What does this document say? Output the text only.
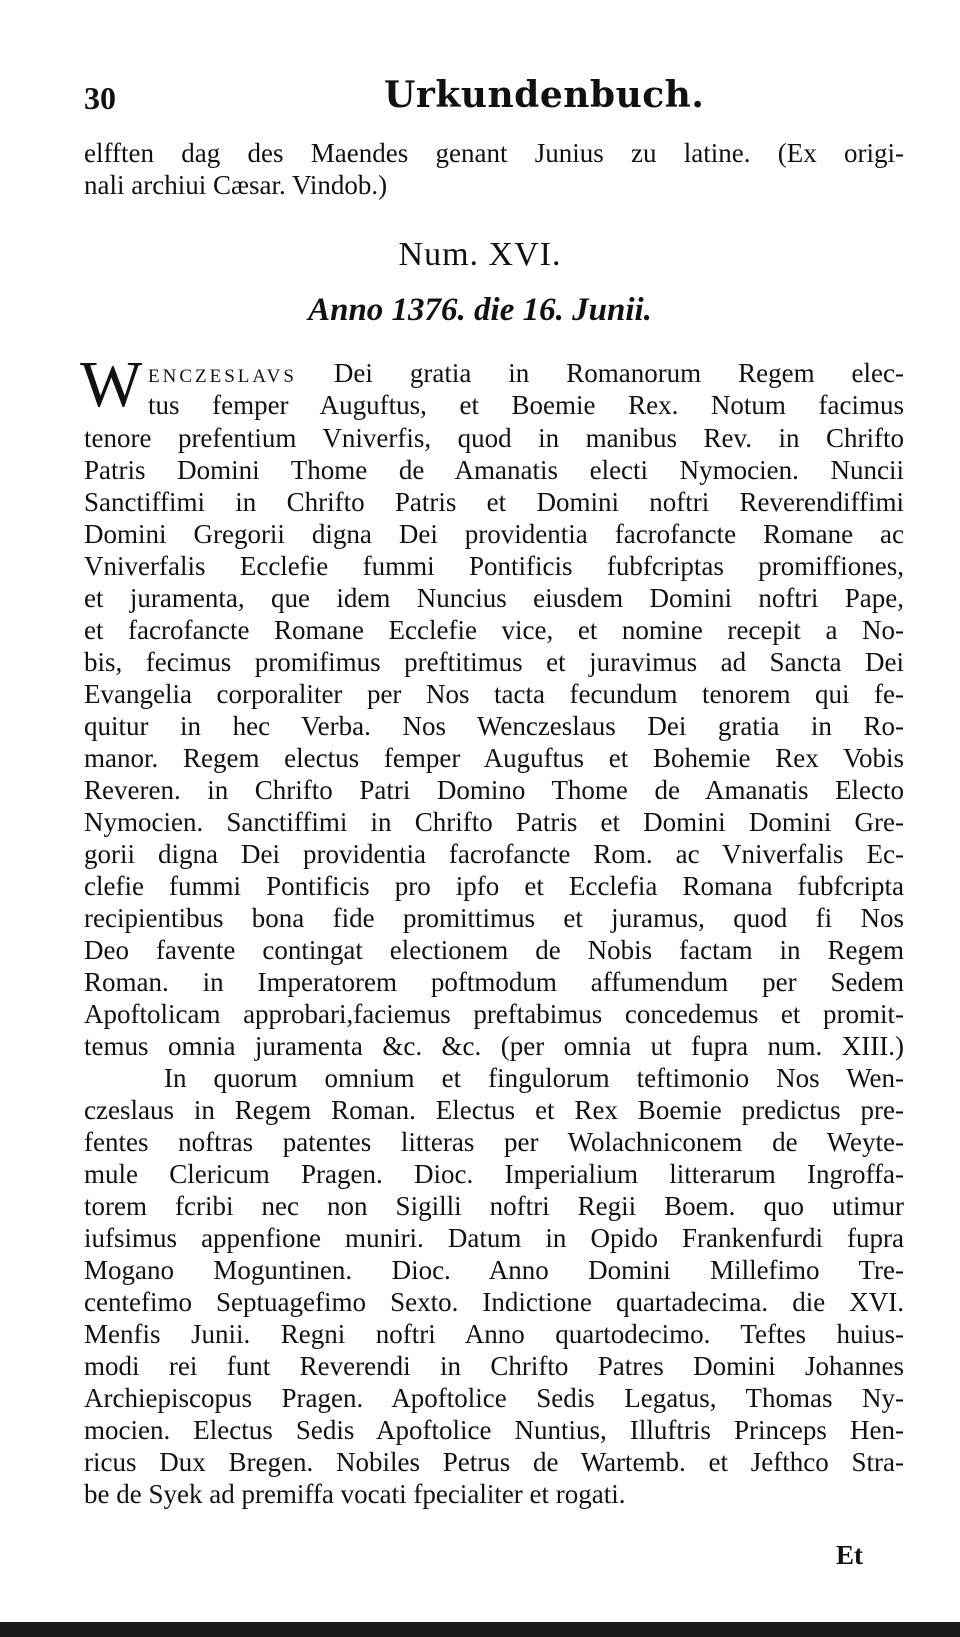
30	Urkundenbuch.
elfften dag des Maendes genant Junius zu latine. (Ex origi-
nali archiui Cæsar. Vindob.)
Num. XVI.
Anno 1376. die 16. Junii.
W ENCZESLAVS Dei gratia in Romanorum Regem elec-
tus femper Auguftus, et Boemie Rex. Notum facimus
tenore prefentium Vniverfis, quod in manibus Rev. in Chrifto
Patris Domini Thome de Amanatis electi Nymocien. Nuncii
Sanctiffimi in Chrifto Patris et Domini noftri Reverendiffimi
Domini Gregorii digna Dei providentia facrofancte Romane ac
Vniverfalis Ecclefie fummi Pontificis fubfcriptas promiffiones,
et juramenta, que idem Nuncius eiusdem Domini noftri Pape,
et facrofancte Romane Ecclefie vice, et nomine recepit a No-
bis, fecimus promifimus preftitimus et juravimus ad Sancta Dei
Evangelia corporaliter per Nos tacta fecundum tenorem qui fe-
quitur in hec Verba. Nos Wenczeslaus Dei gratia in Ro-
manor. Regem electus femper Auguftus et Bohemie Rex Vobis
Reveren. in Chrifto Patri Domino Thome de Amanatis Electo
Nymocien. Sanctiffimi in Chrifto Patris et Domini Domini Gre-
gorii digna Dei providentia facrofancte Rom. ac Vniverfalis Ec-
clefie fummi Pontificis pro ipfo et Ecclefia Romana fubfcripta
recipientibus bona fide promittimus et juramus, quod fi Nos
Deo favente contingat electionem de Nobis factam in Regem
Roman. in Imperatorem poftmodum affumendum per Sedem
Apoftolicam approbari,faciemus preftabimus concedemus et promit-
temus omnia juramenta &c. &c. (per omnia ut fupra num. XIII.)
In quorum omnium et fingulorum teftimonio Nos Wen-
czeslaus in Regem Roman. Electus et Rex Boemie predictus pre-
fentes noftras patentes litteras per Wolachniconem de Weyte-
mule Clericum Pragen. Dioc. Imperialium litterarum Ingroffa-
torem fcribi nec non Sigilli noftri Regii Boem. quo utimur
iufsimus appenfione muniri. Datum in Opido Frankenfurdi fupra
Mogano Moguntinen. Dioc. Anno Domini Millefimo Tre-
centefimo Septuagefimo Sexto. Indictione quartadecima. die XVI.
Menfis Junii. Regni noftri Anno quartodecimo. Teftes huius-
modi rei funt Reverendi in Chrifto Patres Domini Johannes
Archiepiscopus Pragen. Apoftolice Sedis Legatus, Thomas Ny-
mocien. Electus Sedis Apoftolice Nuntius, Illuftris Princeps Hen-
ricus Dux Bregen. Nobiles Petrus de Wartemb. et Jefthco Stra-
be de Syek ad premiffa vocati fpecialiter et rogati.
Et
